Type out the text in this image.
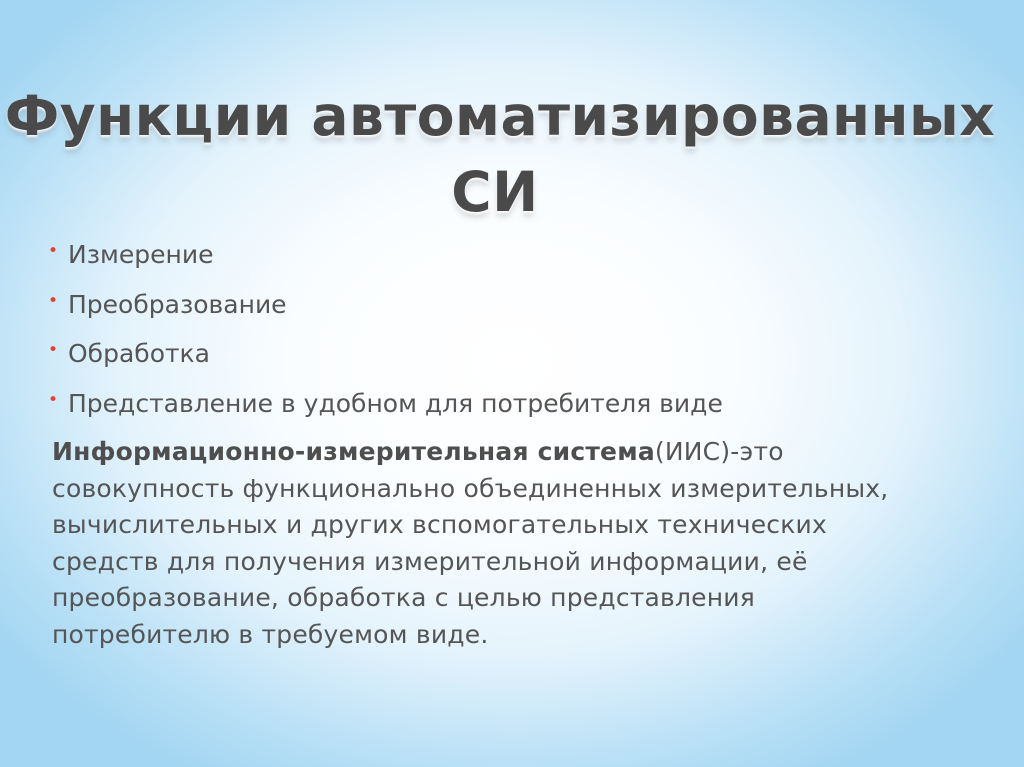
Функции автоматизированных
СИ
• Измерение
• Преобразование
• Обработка
• Представление в удобном для потребителя виде

Информационно-измерительная система(ИИС)-это
совокупность функционально объединенных измерительных,
вычислительных и других вспомогательных технических
средств для получения измерительной информации, её
преобразование, обработка с целью представления
потребителю в требуемом виде.
